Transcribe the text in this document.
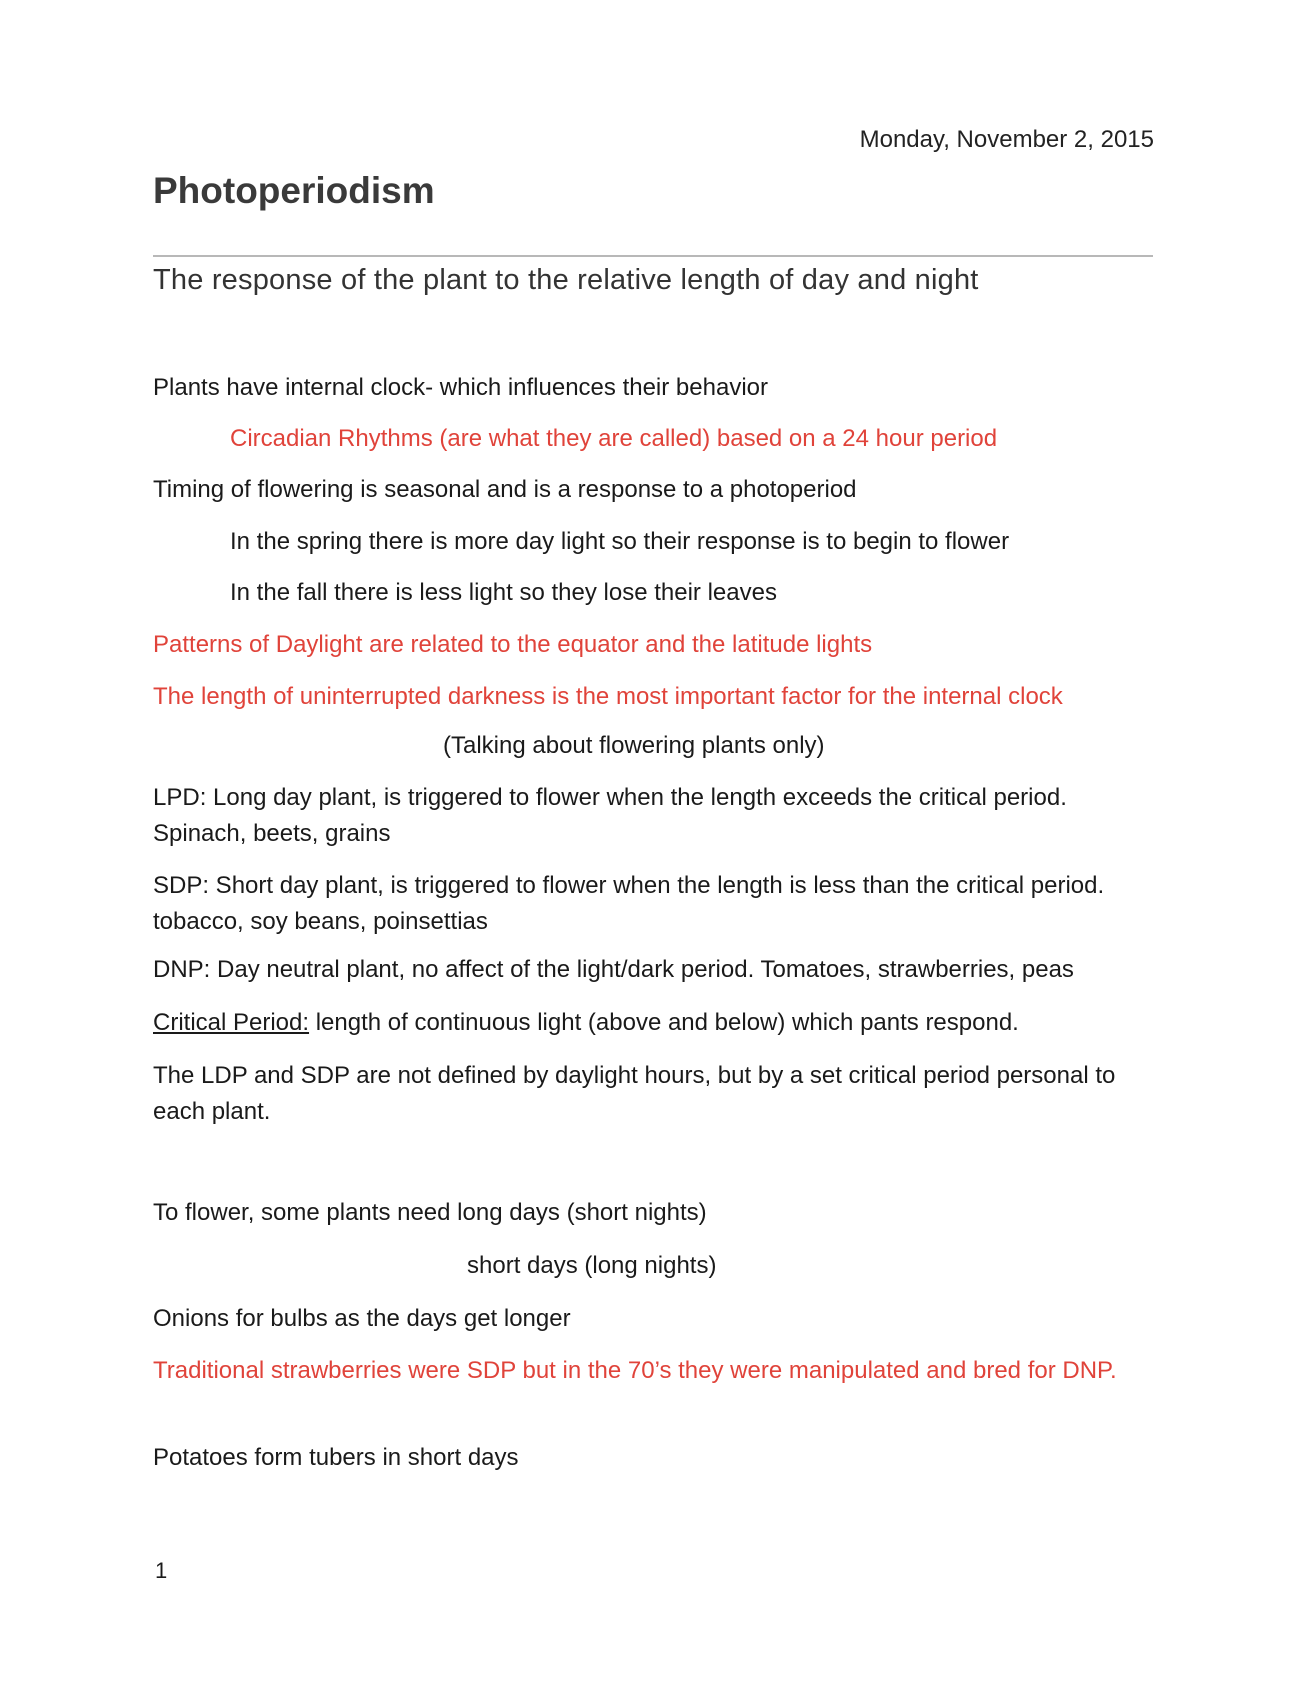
Monday, November 2, 2015
Photoperiodism
The response of the plant to the relative length of day and night
Plants have internal clock- which influences their behavior
Circadian Rhythms (are what they are called) based on a 24 hour period
Timing of flowering is seasonal and is a response to a photoperiod
In the spring there is more day light so their response is to begin to flower
In the fall there is less light so they lose their leaves
Patterns of Daylight are related to the equator and the latitude lights
The length of uninterrupted darkness is the most important factor for the internal clock
(Talking about flowering plants only)
LPD: Long day plant, is triggered to flower when the length exceeds the critical period. Spinach, beets, grains
SDP: Short day plant, is triggered to flower when the length is less than the critical period. tobacco, soy beans, poinsettias
DNP: Day neutral plant, no affect of the light/dark period. Tomatoes, strawberries, peas
Critical Period: length of continuous light (above and below) which pants respond.
The LDP and SDP are not defined by daylight hours, but by a set critical period personal to each plant.
To flower, some plants need long days (short nights)
short days (long nights)
Onions for bulbs as the days get longer
Traditional strawberries were SDP but in the 70’s they were manipulated and bred for DNP.
Potatoes form tubers in short days
1
